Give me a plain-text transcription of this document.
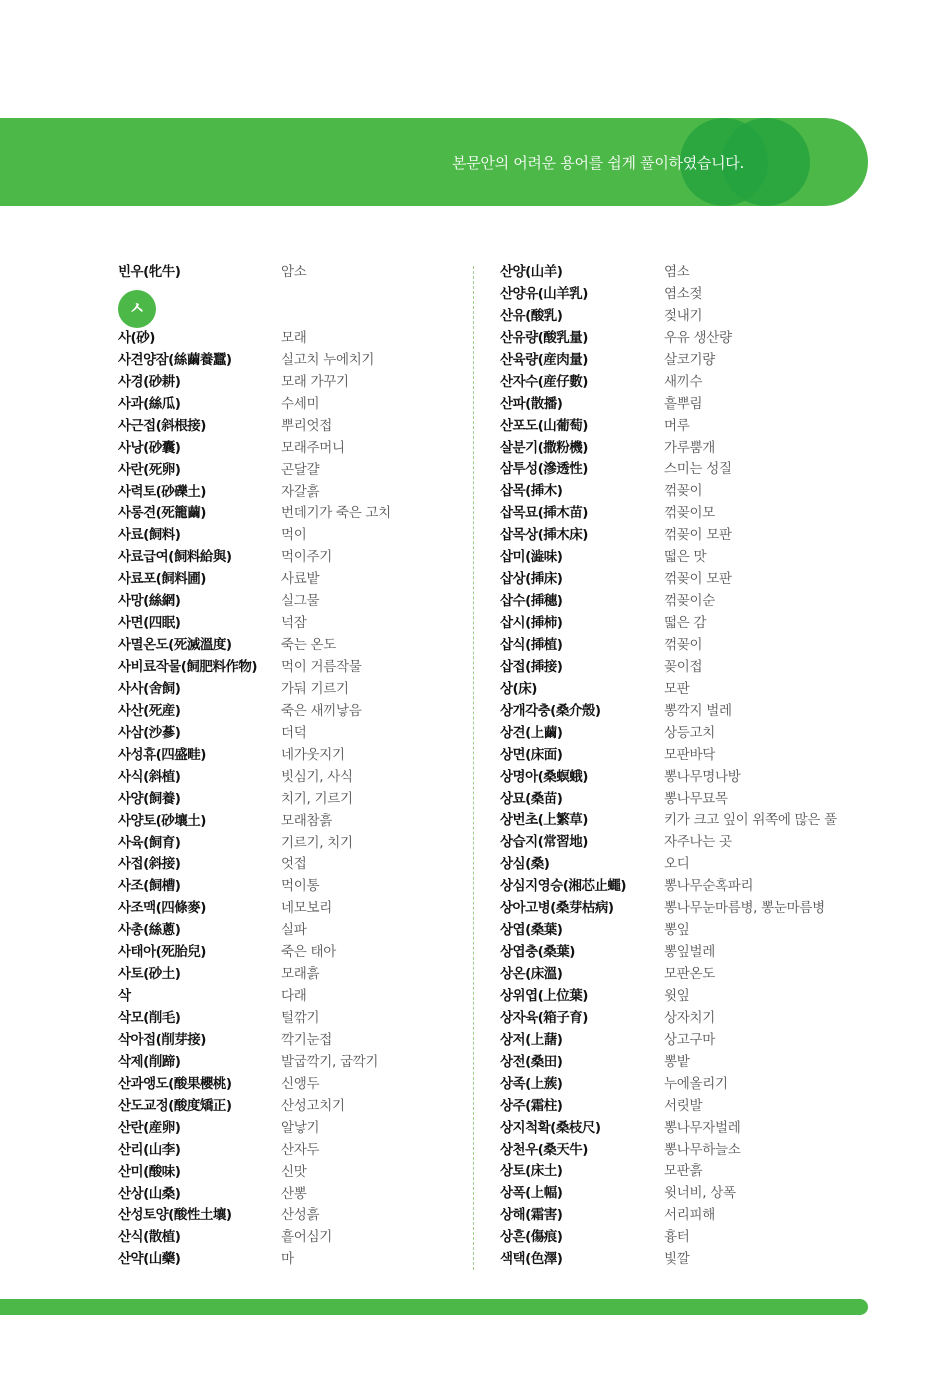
본문안의 어려운 용어를 쉽게 풀이하였습니다.
빈우(牝牛)	암소
ㅅ
사(砂)	모래
사견양잠(絲繭養蠶)	실고치 누에치기
사경(砂耕)	모래 가꾸기
사과(絲瓜)	수세미
사근접(斜根接)	뿌리엇접
사낭(砂囊)	모래주머니
사란(死卵)	곤달걀
사력토(砂礫土)	자갈흙
사롱견(死籠繭)	번데기가 죽은 고치
사료(飼料)	먹이
사료급여(飼料給與)	먹이주기
사료포(飼料圃)	사료밭
사망(絲網)	실그물
사면(四眠)	넉잠
사멸온도(死滅溫度)	죽는 온도
사비료작물(飼肥料作物) 먹이 거름작물
사사(舍飼)	가둬 기르기
사산(死産)	죽은 새끼낳음
사삼(沙蔘)	더덕
사성휴(四盛畦)	네가웃지기
사식(斜植)	빗심기, 사식
사양(飼養)	치기, 기르기
사양토(砂壤土)	모래참흙
사육(飼育)	기르기, 치기
사접(斜接)	엇접
사조(飼槽)	먹이통
사조맥(四條麥)	네모보리
사총(絲蔥)	실파
사태아(死胎兒)	죽은 태아
사토(砂土)	모래흙
삭	다래
삭모(削毛)	털깎기
삭아접(削芽接)	깍기눈접
삭제(削蹄)	발굽깍기, 굽깍기
산과앵도(酸果櫻桃)	신앵두
산도교정(酸度矯正)	산성고치기
산란(産卵)	알낳기
산리(山李)	산자두
산미(酸味)	신맛
산상(山桑)	산뽕
산성토양(酸性土壤)	산성흙
산식(散植)	흩어심기
산약(山藥)	마
산양(山羊)	염소
산양유(山羊乳)	염소젖
산유(酸乳)	젖내기
산유량(酸乳量)	우유 생산량
산육량(産肉量)	살코기량
산자수(産仔數)	새끼수
산파(散播)	흩뿌림
산포도(山葡萄)	머루
살분기(撒粉機)	가루뿜개
삼투성(滲透性)	스미는 성질
삽목(揷木)	꺾꽂이
삽목묘(揷木苗)	꺾꽂이모
삽목상(揷木床)	꺾꽂이 모판
삽미(澁味)	떫은 맛
삽상(揷床)	꺾꽂이 모판
삽수(揷穗)	꺾꽂이순
삽시(揷柿)	떫은 감
삽식(揷植)	꺾꽂이
삽접(揷接)	꽂이접
상(床)	모판
상개각충(桑介殼)	뽕깍지 벌레
상견(上繭)	상등고치
상면(床面)	모판바닥
상명아(桑螟蛾)	뽕나무명나방
상묘(桑苗)	뽕나무묘목
상번초(上繁草)	키가 크고 잎이 위쪽에 많은 풀
상습지(常習地)	자주나는 곳
상심(桑)	오디
상심지영승(湘芯止蠅)	뽕나무순혹파리
상아고병(桑芽枯病)	뽕나무눈마름병, 뽕눈마름병
상엽(桑葉)	뽕잎
상엽충(桑葉)	뽕잎벌레
상온(床溫)	모판온도
상위엽(上位葉)	윗잎
상자육(箱子育)	상자치기
상저(上藷)	상고구마
상전(桑田)	뽕밭
상족(上蔟)	누에올리기
상주(霜柱)	서릿발
상지척확(桑枝尺)	뽕나무자벌레
상천우(桑天牛)	뽕나무하늘소
상토(床土)	모판흙
상폭(上幅)	윗너비, 상폭
상해(霜害)	서리피해
상흔(傷痕)	흉터
색택(色澤)	빛깔
